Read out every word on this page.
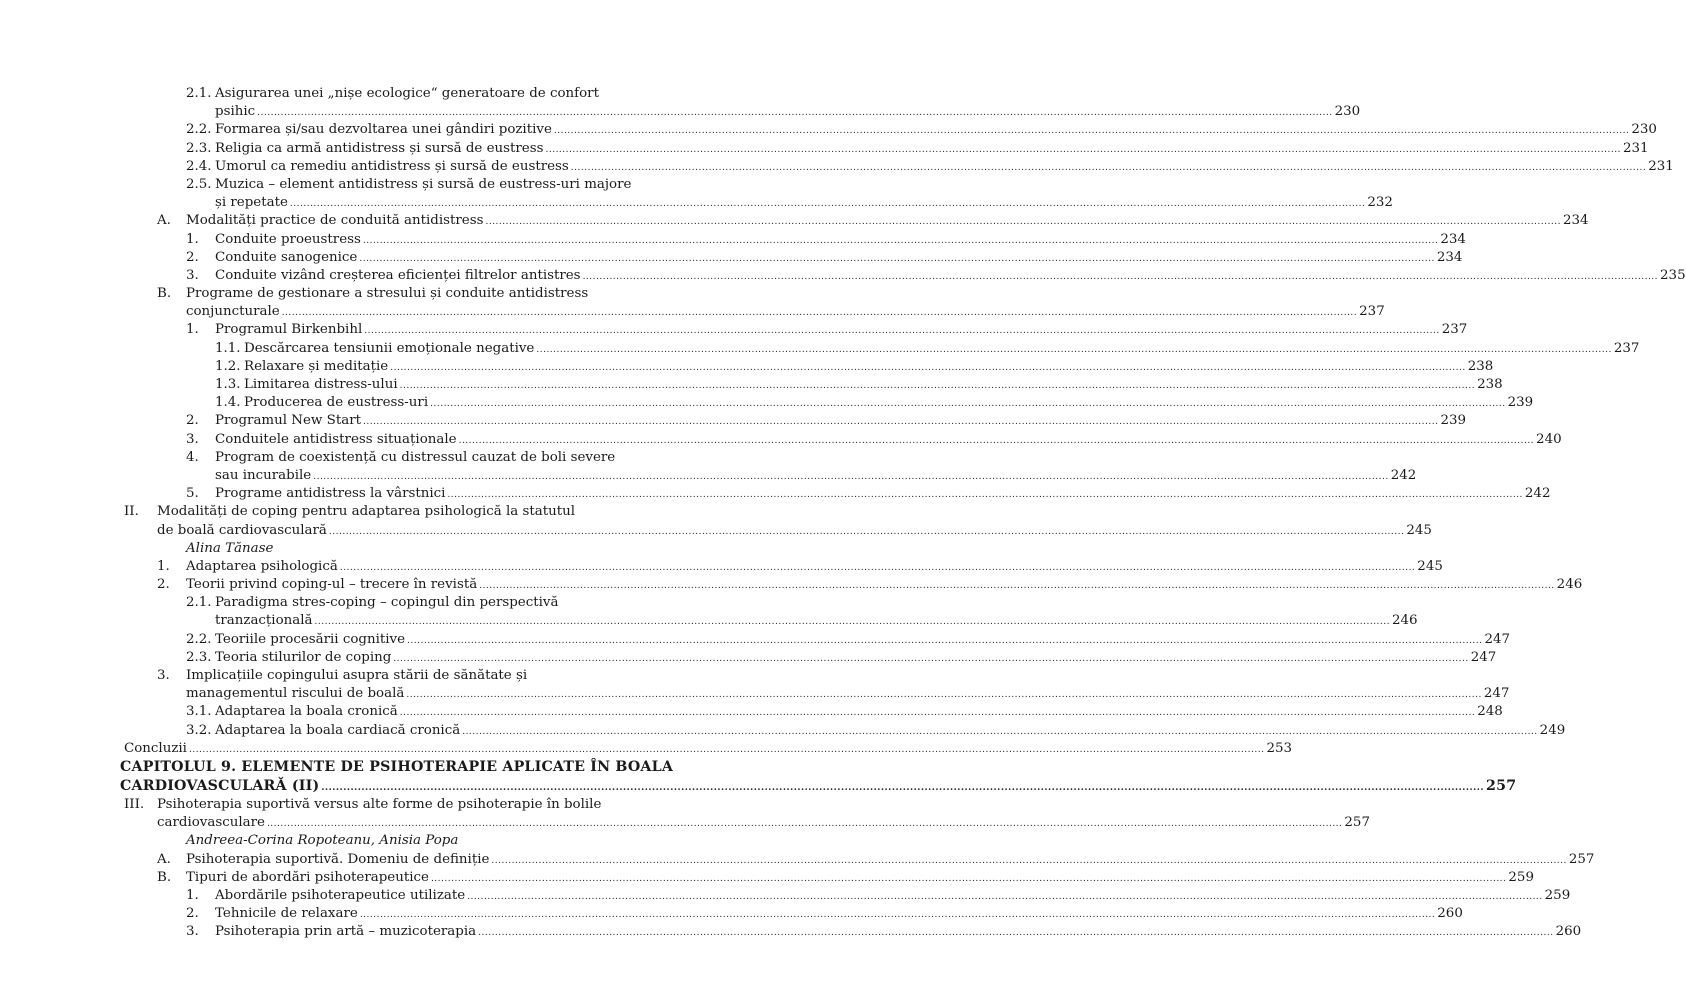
2.1. Asigurarea unei „nișe ecologice“ generatoare de confort
psihic .....	230
2.2. Formarea și/sau dezvoltarea unei gândiri pozitive .....	230
2.3. Religia ca armă antidistress și sursă de eustress .....	231
2.4. Umorul ca remediu antidistress și sursă de eustress .....	231
2.5. Muzica – element antidistress și sursă de eustress-uri majore
și repetate .....	232
A. Modalități practice de conduită antidistress .....	234
1. Conduite proeustress .....	234
2. Conduite sanogenice .....	234
3. Conduite vizând creșterea eficienței filtrelor antistres .....	235
B. Programe de gestionare a stresului și conduite antidistress
conjuncturale .....	237
1. Programul Birkenbihl .....	237
1.1. Descărcarea tensiunii emoționale negative .....	237
1.2. Relaxare și meditație .....	238
1.3. Limitarea distress-ului .....	238
1.4. Producerea de eustress-uri .....	239
2. Programul New Start .....	239
3. Conduitele antidistress situaționale .....	240
4. Program de coexistență cu distressul cauzat de boli severe
sau incurabile .....	242
5. Programe antidistress la vârstnici .....	242
II. Modalități de coping pentru adaptarea psihologică la statutul
de boală cardiovasculară .....	245
Alina Tănase
1. Adaptarea psihologică .....	245
2. Teorii privind coping-ul – trecere în revistă .....	246
2.1. Paradigma stres-coping – copingul din perspectivă
tranzacțională .....	246
2.2. Teoriile procesării cognitive .....	247
2.3. Teoria stilurilor de coping .....	247
3. Implicațiile copingului asupra stării de sănătate și
managementul riscului de boală .....	247
3.1. Adaptarea la boala cronică .....	248
3.2. Adaptarea la boala cardiacă cronică .....	249
Concluzii .....	253
CAPITOLUL 9. ELEMENTE DE PSIHOTERAPIE APLICATE ÎN BOALA
CARDIOVASCULARĂ (II) .....	257
III. Psihoterapia suportivă versus alte forme de psihoterapie în bolile
cardiovasculare .....	257
Andreea-Corina Ropoteanu, Anisia Popa
A. Psihoterapia suportivă. Domeniu de definiție .....	257
B. Tipuri de abordări psihoterapeutice .....	259
1. Abordările psihoterapeutice utilizate .....	259
2. Tehnicile de relaxare .....	260
3. Psihoterapia prin artă – muzicoterapia .....	260
